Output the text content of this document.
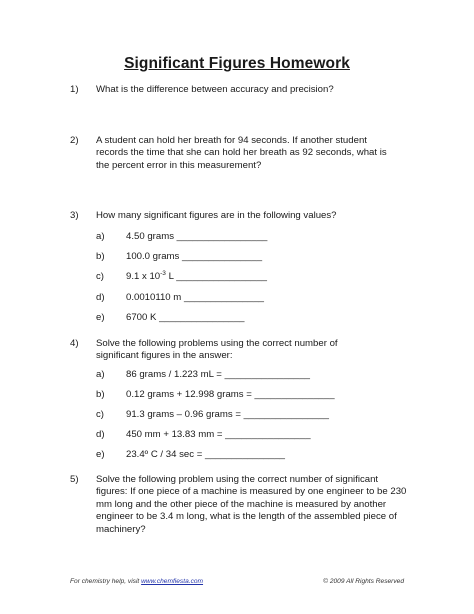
Significant Figures Homework
1) What is the difference between accuracy and precision?
2) A student can hold her breath for 94 seconds. If another student records the time that she can hold her breath as 92 seconds, what is the percent error in this measurement?
3) How many significant figures are in the following values?
a) 4.50 grams _________________
b) 100.0 grams _______________
c) 9.1 x $10^{-3}$ L _________________
d) 0.0010110 m _______________
e) 6700 K ________________
4) Solve the following problems using the correct number of significant figures in the answer:
a) 86 grams / 1.223 mL = ________________
b) 0.12 grams + 12.998 grams = _______________
c) 91.3 grams – 0.96 grams = ________________
d) 450 mm + 13.83 mm = ________________
e) 23.4º C / 34 sec = _______________
5) Solve the following problem using the correct number of significant figures: If one piece of a machine is measured by one engineer to be 230 mm long and the other piece of the machine is measured by another engineer to be 3.4 m long, what is the length of the assembled piece of machinery?
For chemistry help, visit www.chemfiesta.com	© 2009 All Rights Reserved
